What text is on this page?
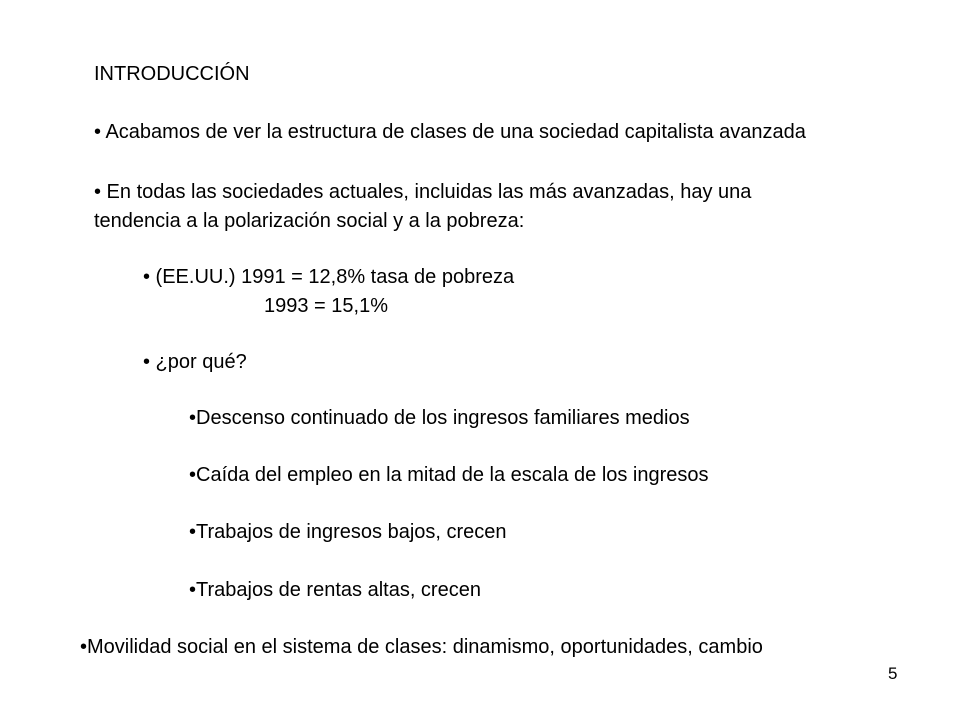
INTRODUCCIÓN
• Acabamos de ver la estructura de clases de una sociedad capitalista avanzada
• En todas las sociedades actuales, incluidas las más avanzadas, hay una
tendencia a la polarización social y a la pobreza:
• (EE.UU.) 1991 = 12,8% tasa de pobreza
1993 = 15,1%
• ¿por qué?
•Descenso continuado de los ingresos familiares medios
•Caída del empleo en la mitad de la escala de los ingresos
•Trabajos de ingresos bajos, crecen
•Trabajos de rentas altas, crecen
•Movilidad social en el sistema de clases: dinamismo, oportunidades, cambio
5
